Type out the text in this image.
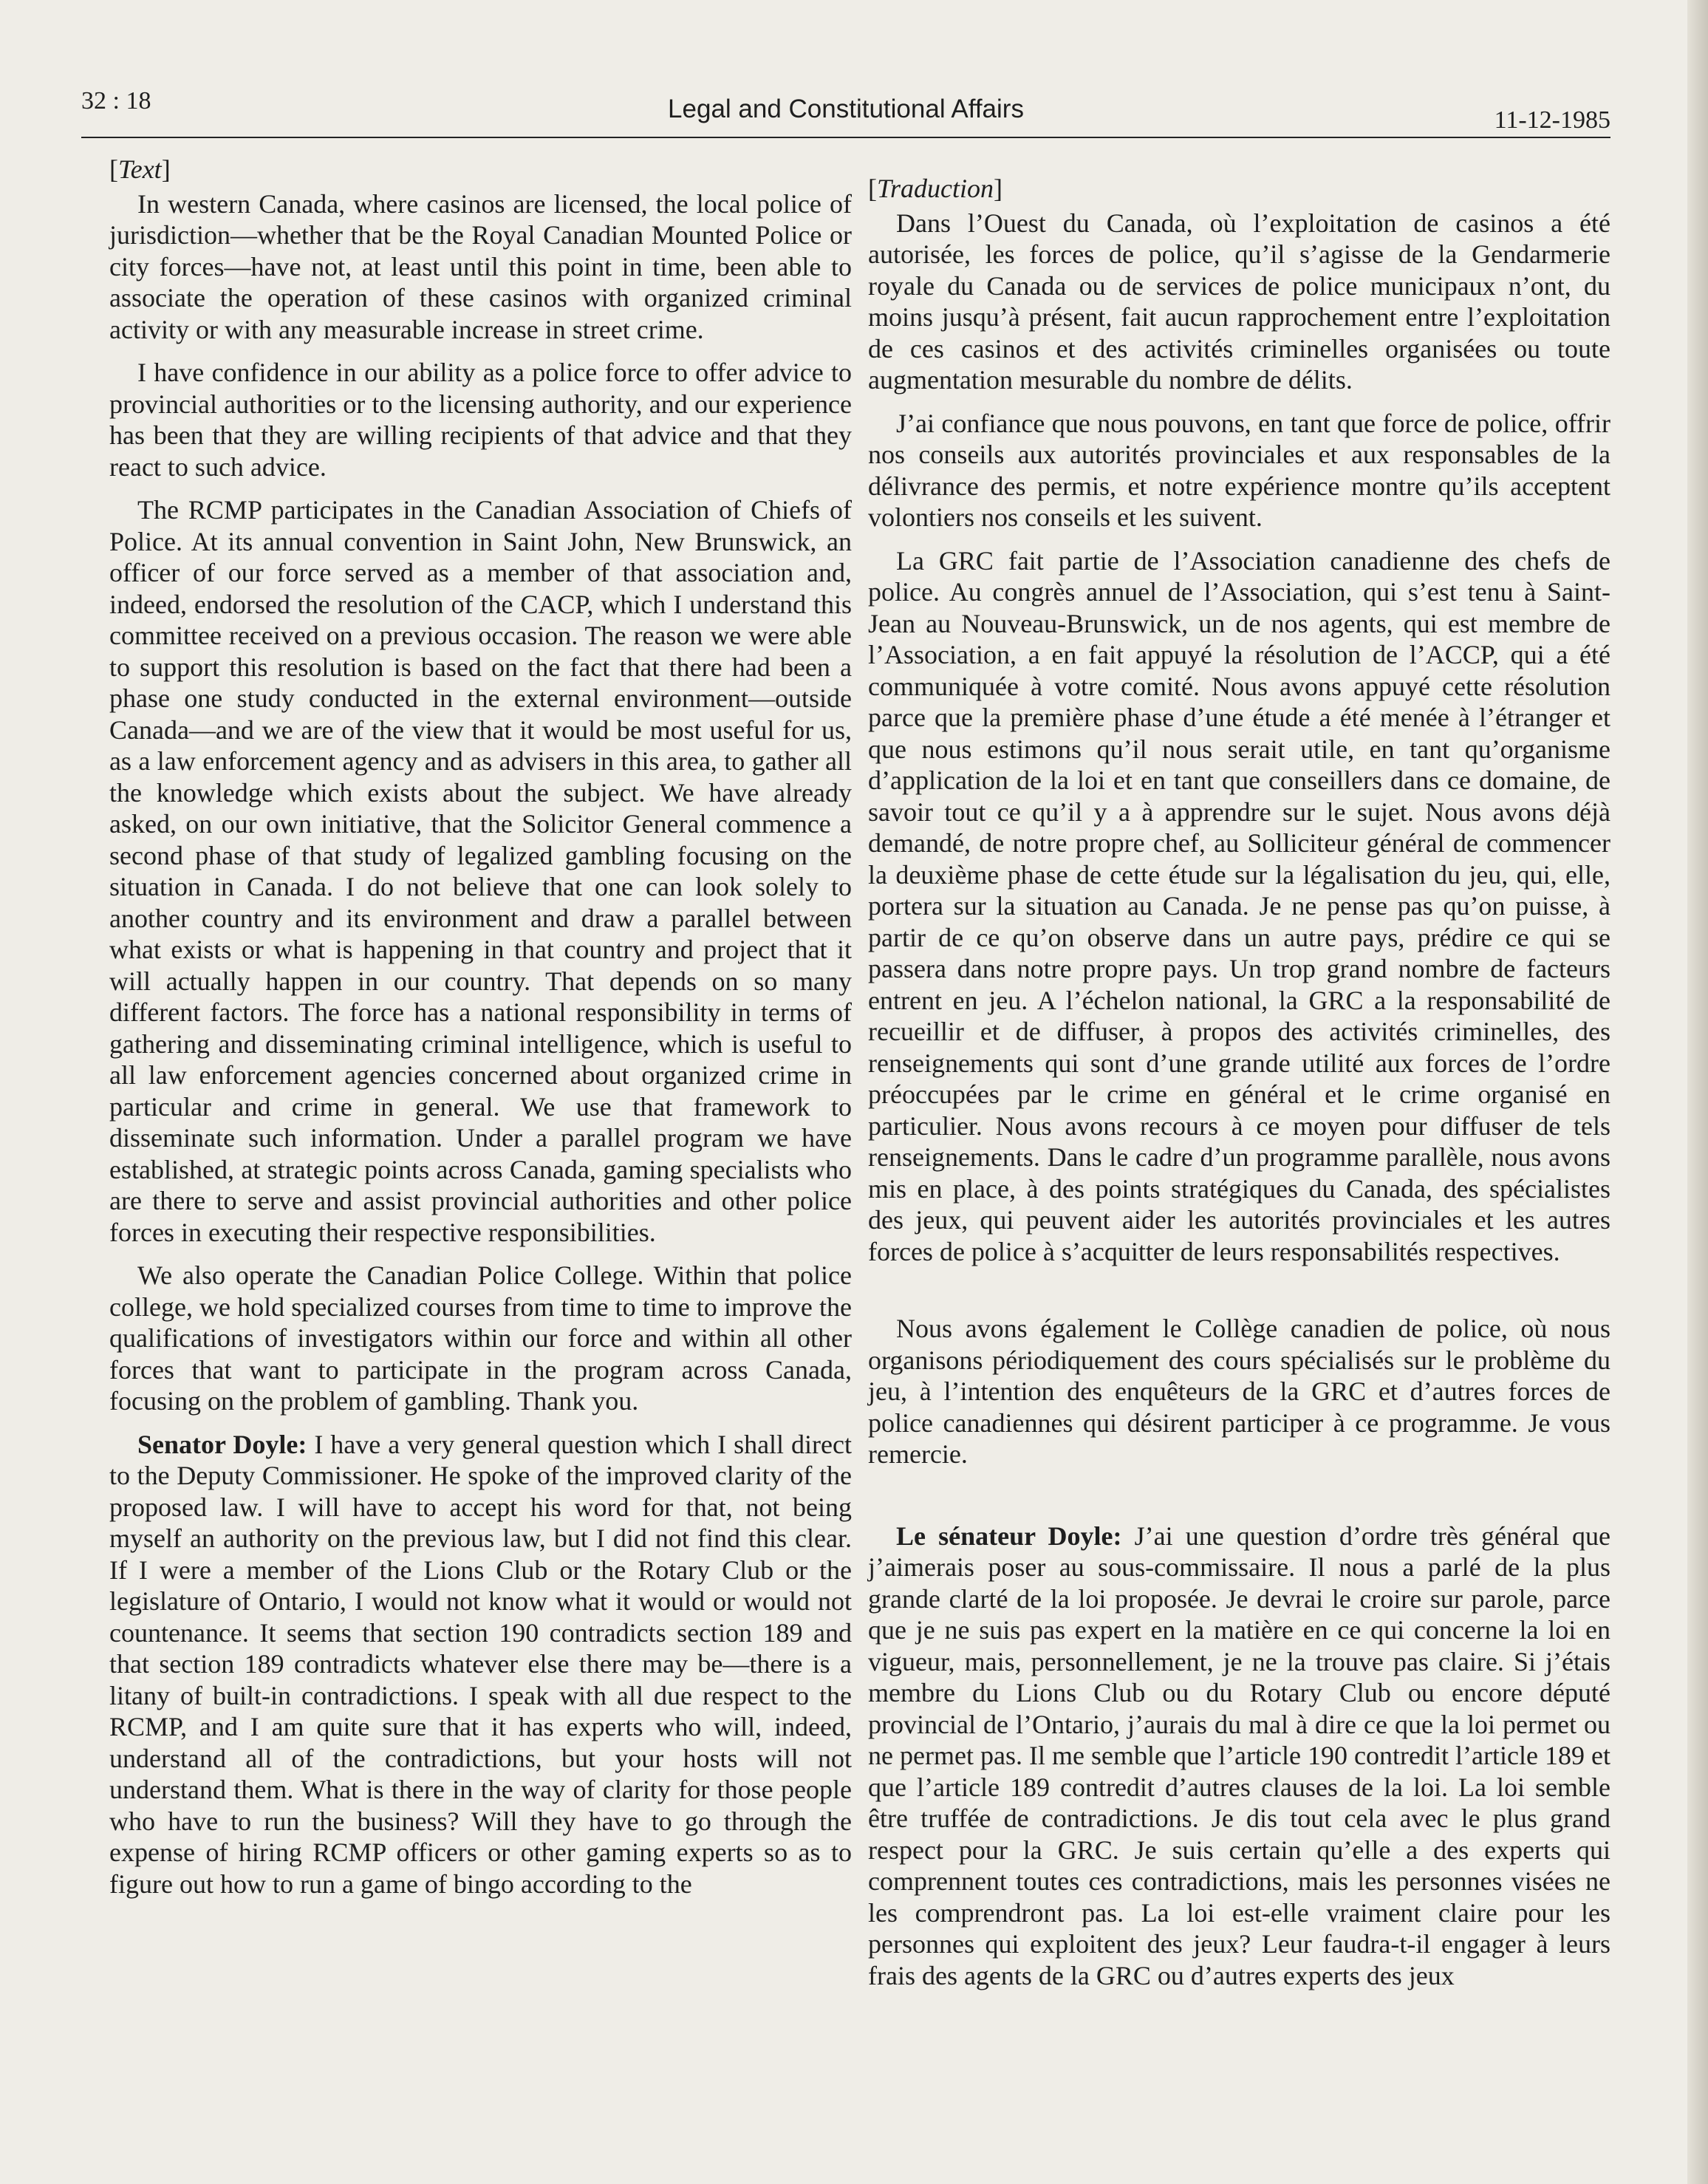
32 : 18	Legal and Constitutional Affairs	11-12-1985

[Text]

In western Canada, where casinos are licensed, the local police of jurisdiction—whether that be the Royal Canadian Mounted Police or city forces—have not, at least until this point in time, been able to associate the operation of these casinos with organized criminal activity or with any measurable increase in street crime.

I have confidence in our ability as a police force to offer advice to provincial authorities or to the licensing authority, and our experience has been that they are willing recipients of that advice and that they react to such advice.

The RCMP participates in the Canadian Association of Chiefs of Police. At its annual convention in Saint John, New Brunswick, an officer of our force served as a member of that association and, indeed, endorsed the resolution of the CACP, which I understand this committee received on a previous occasion. The reason we were able to support this resolution is based on the fact that there had been a phase one study conducted in the external environment—outside Canada—and we are of the view that it would be most useful for us, as a law enforcement agency and as advisers in this area, to gather all the knowledge which exists about the subject. We have already asked, on our own initiative, that the Solicitor General commence a second phase of that study of legalized gambling focusing on the situation in Canada. I do not believe that one can look solely to another country and its environment and draw a parallel between what exists or what is happening in that country and project that it will actually happen in our country. That depends on so many different factors. The force has a national responsibility in terms of gathering and disseminating criminal intelligence, which is useful to all law enforcement agencies concerned about organized crime in particular and crime in general. We use that framework to disseminate such information. Under a parallel program we have established, at strategic points across Canada, gaming specialists who are there to serve and assist provincial authorities and other police forces in executing their respective responsibilities.

We also operate the Canadian Police College. Within that police college, we hold specialized courses from time to time to improve the qualifications of investigators within our force and within all other forces that want to participate in the program across Canada, focusing on the problem of gambling. Thank you.

Senator Doyle: I have a very general question which I shall direct to the Deputy Commissioner. He spoke of the improved clarity of the proposed law. I will have to accept his word for that, not being myself an authority on the previous law, but I did not find this clear. If I were a member of the Lions Club or the Rotary Club or the legislature of Ontario, I would not know what it would or would not countenance. It seems that section 190 contradicts section 189 and that section 189 contradicts whatever else there may be—there is a litany of built-in contradictions. I speak with all due respect to the RCMP, and I am quite sure that it has experts who will, indeed, understand all of the contradictions, but your hosts will not understand them. What is there in the way of clarity for those people who have to run the business? Will they have to go through the expense of hiring RCMP officers or other gaming experts so as to figure out how to run a game of bingo according to the

[Traduction]

Dans l’Ouest du Canada, où l’exploitation de casinos a été autorisée, les forces de police, qu’il s’agisse de la Gendarmerie royale du Canada ou de services de police municipaux n’ont, du moins jusqu’à présent, fait aucun rapprochement entre l’exploitation de ces casinos et des activités criminelles organisées ou toute augmentation mesurable du nombre de délits.

J’ai confiance que nous pouvons, en tant que force de police, offrir nos conseils aux autorités provinciales et aux responsables de la délivrance des permis, et notre expérience montre qu’ils acceptent volontiers nos conseils et les suivent.

La GRC fait partie de l’Association canadienne des chefs de police. Au congrès annuel de l’Association, qui s’est tenu à Saint-Jean au Nouveau-Brunswick, un de nos agents, qui est membre de l’Association, a en fait appuyé la résolution de l’ACCP, qui a été communiquée à votre comité. Nous avons appuyé cette résolution parce que la première phase d’une étude a été menée à l’étranger et que nous estimons qu’il nous serait utile, en tant qu’organisme d’application de la loi et en tant que conseillers dans ce domaine, de savoir tout ce qu’il y a à apprendre sur le sujet. Nous avons déjà demandé, de notre propre chef, au Solliciteur général de commencer la deuxième phase de cette étude sur la légalisation du jeu, qui, elle, portera sur la situation au Canada. Je ne pense pas qu’on puisse, à partir de ce qu’on observe dans un autre pays, prédire ce qui se passera dans notre propre pays. Un trop grand nombre de facteurs entrent en jeu. A l’échelon national, la GRC a la responsabilité de recueillir et de diffuser, à propos des activités criminelles, des renseignements qui sont d’une grande utilité aux forces de l’ordre préoccupées par le crime en général et le crime organisé en particulier. Nous avons recours à ce moyen pour diffuser de tels renseignements. Dans le cadre d’un programme parallèle, nous avons mis en place, à des points stratégiques du Canada, des spécialistes des jeux, qui peuvent aider les autorités provinciales et les autres forces de police à s’acquitter de leurs responsabilités respectives.

Nous avons également le Collège canadien de police, où nous organisons périodiquement des cours spécialisés sur le problème du jeu, à l’intention des enquêteurs de la GRC et d’autres forces de police canadiennes qui désirent participer à ce programme. Je vous remercie.

Le sénateur Doyle: J’ai une question d’ordre très général que j’aimerais poser au sous-commissaire. Il nous a parlé de la plus grande clarté de la loi proposée. Je devrai le croire sur parole, parce que je ne suis pas expert en la matière en ce qui concerne la loi en vigueur, mais, personnellement, je ne la trouve pas claire. Si j’étais membre du Lions Club ou du Rotary Club ou encore député provincial de l’Ontario, j’aurais du mal à dire ce que la loi permet ou ne permet pas. Il me semble que l’article 190 contredit l’article 189 et que l’article 189 contredit d’autres clauses de la loi. La loi semble être truffée de contradictions. Je dis tout cela avec le plus grand respect pour la GRC. Je suis certain qu’elle a des experts qui comprennent toutes ces contradictions, mais les personnes visées ne les comprendront pas. La loi est-elle vraiment claire pour les personnes qui exploitent des jeux? Leur faudra-t-il engager à leurs frais des agents de la GRC ou d’autres experts des jeux
